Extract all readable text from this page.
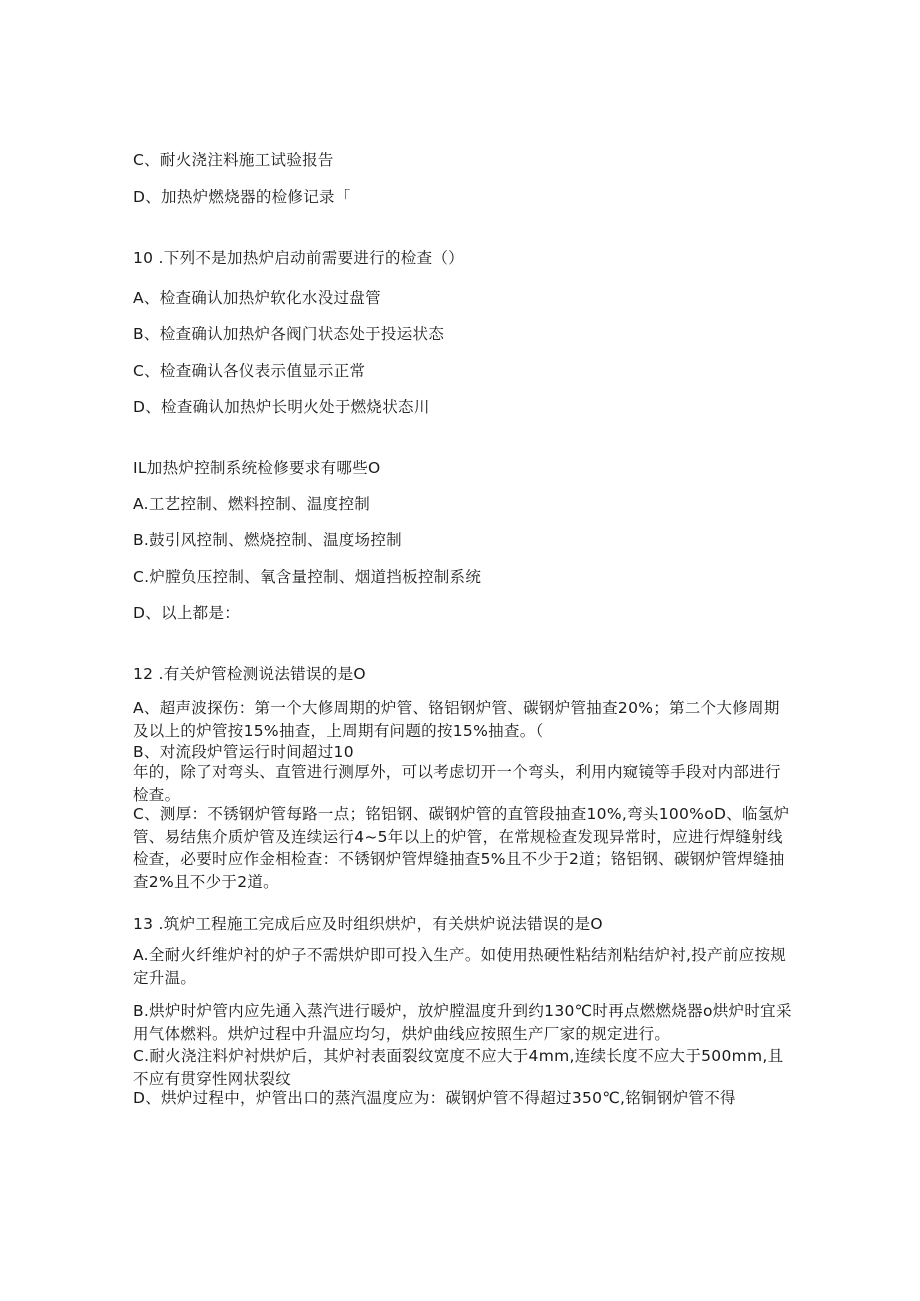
C、耐火浇注料施工试验报告
D、加热炉燃烧器的检修记录「
10 .下列不是加热炉启动前需要进行的检查（）
A、检查确认加热炉软化水没过盘管
B、检查确认加热炉各阀门状态处于投运状态
C、检查确认各仪表示值显示正常
D、检查确认加热炉长明火处于燃烧状态川
IL加热炉控制系统检修要求有哪些O
A.工艺控制、燃料控制、温度控制
B.鼓引风控制、燃烧控制、温度场控制
C.炉膛负压控制、氧含量控制、烟道挡板控制系统
D、以上都是：
12 .有关炉管检测说法错误的是O
A、超声波探伤：第一个大修周期的炉管、铬铝钢炉管、碳钢炉管抽查20%；第二个大修周期及以上的炉管按15%抽查，上周期有问题的按15%抽查。（
B、对流段炉管运行时间超过10
年的，除了对弯头、直管进行测厚外，可以考虑切开一个弯头，利用内窥镜等手段对内部进行检查。
C、测厚：不锈钢炉管每路一点；铭铝钢、碳钢炉管的直管段抽查10%,弯头100%oD、临氢炉管、易结焦介质炉管及连续运行4~5年以上的炉管，在常规检查发现异常时，应进行焊缝射线检查，必要时应作金相检查：不锈钢炉管焊缝抽查5%且不少于2道；铬铝钢、碳钢炉管焊缝抽查2%且不少于2道。
13 .筑炉工程施工完成后应及时组织烘炉，有关烘炉说法错误的是O
A.全耐火纤维炉衬的炉子不需烘炉即可投入生产。如使用热硬性粘结剂粘结炉衬,投产前应按规定升温。
B.烘炉时炉管内应先通入蒸汽进行暖炉，放炉膛温度升到约130℃时再点燃燃烧器o烘炉时宜采用气体燃料。烘炉过程中升温应均匀，烘炉曲线应按照生产厂家的规定进行。
C.耐火浇注料炉衬烘炉后，其炉衬表面裂纹宽度不应大于4mm,连续长度不应大于500mm,且不应有贯穿性网状裂纹
D、烘炉过程中，炉管出口的蒸汽温度应为：碳钢炉管不得超过350℃,铭铜钢炉管不得
